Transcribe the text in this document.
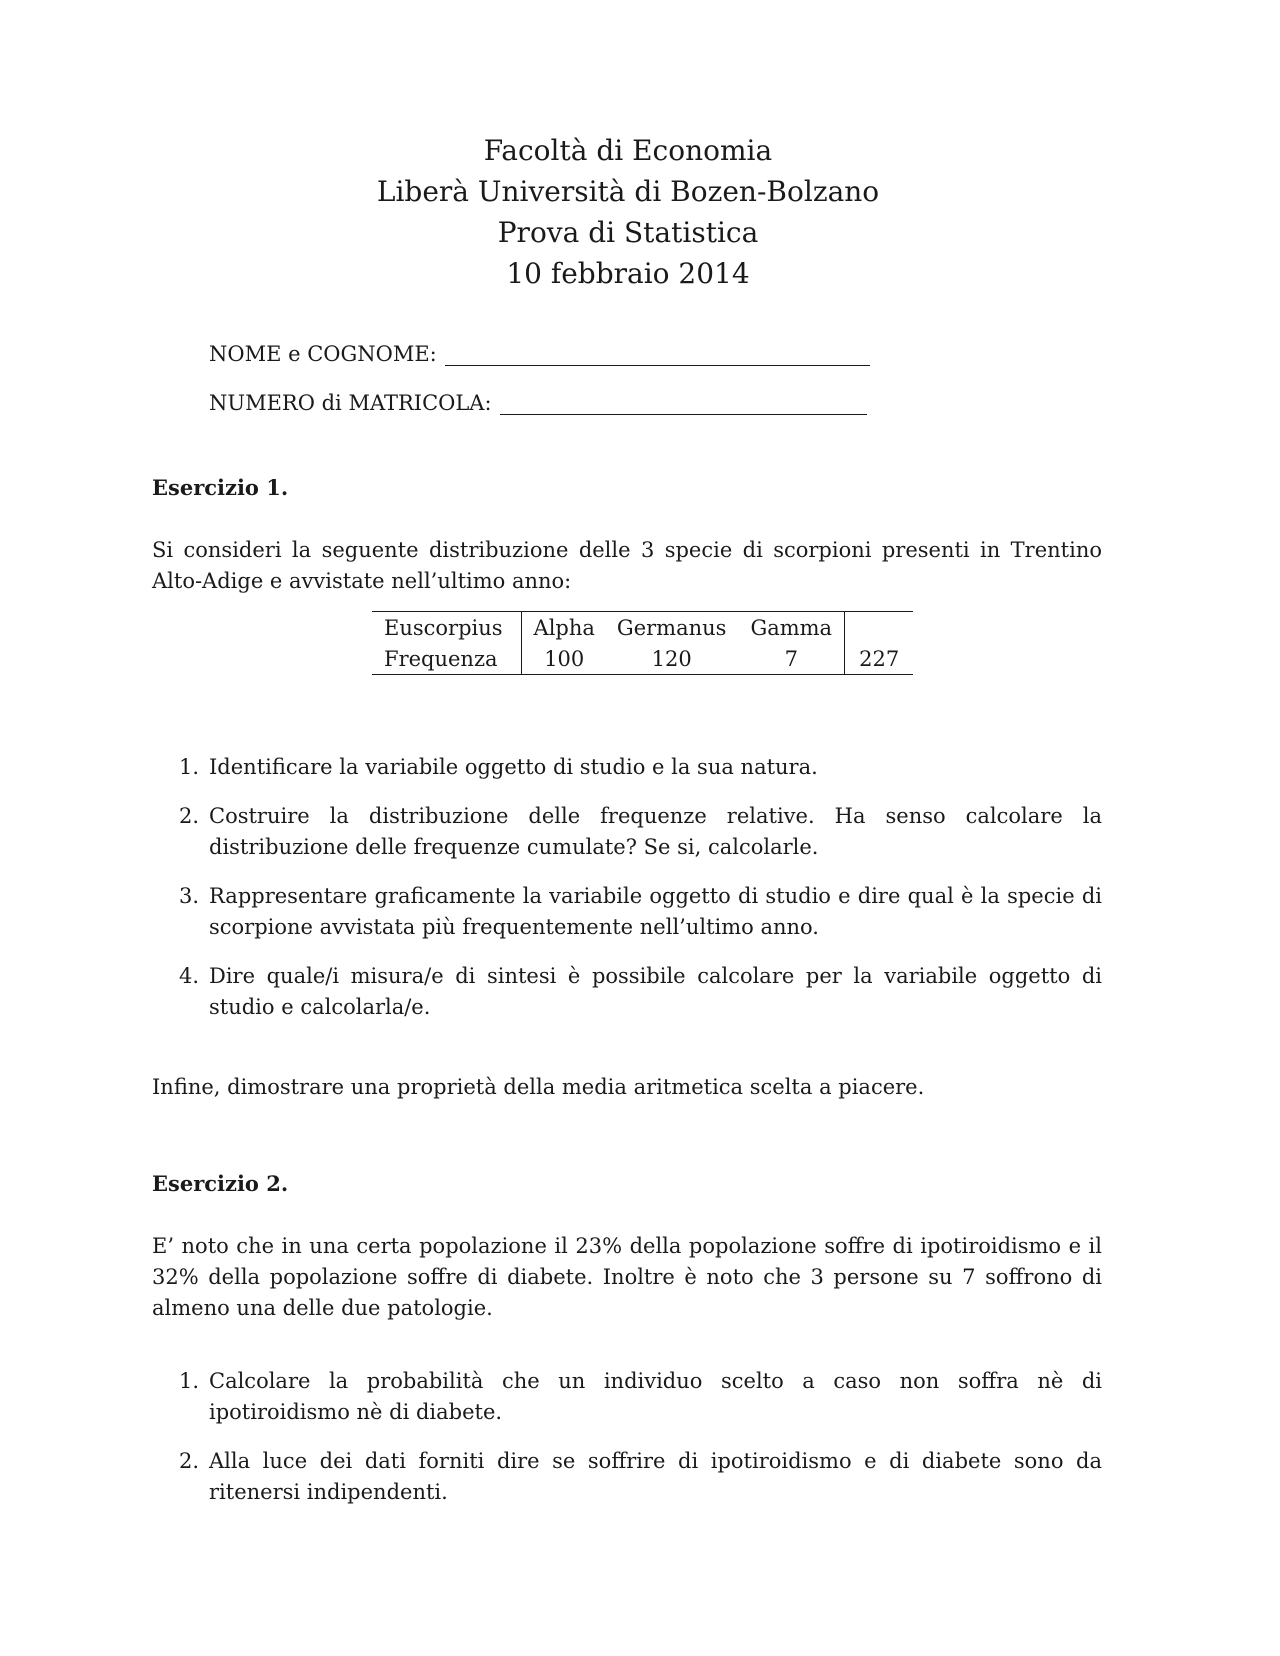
Facoltà di Economia
Liberà Università di Bozen-Bolzano
Prova di Statistica
10 febbraio 2014
NOME e COGNOME:
NUMERO di MATRICOLA:
Esercizio 1.
Si consideri la seguente distribuzione delle 3 specie di scorpioni presenti in Trentino Alto-Adige e avvistate nell’ultimo anno:
Euscorpius	Alpha	Germanus	Gamma	
Frequenza	100	120	7	227
1. Identificare la variabile oggetto di studio e la sua natura.
2. Costruire la distribuzione delle frequenze relative. Ha senso calcolare la distribuzione delle frequenze cumulate? Se si, calcolarle.
3. Rappresentare graficamente la variabile oggetto di studio e dire qual è la specie di scorpione avvistata più frequentemente nell’ultimo anno.
4. Dire quale/i misura/e di sintesi è possibile calcolare per la variabile oggetto di studio e calcolarla/e.
Infine, dimostrare una proprietà della media aritmetica scelta a piacere.
Esercizio 2.
E’ noto che in una certa popolazione il 23% della popolazione soffre di ipotiroidismo e il 32% della popolazione soffre di diabete. Inoltre è noto che 3 persone su 7 soffrono di almeno una delle due patologie.
1. Calcolare la probabilità che un individuo scelto a caso non soffra nè di ipotiroidismo nè di diabete.
2. Alla luce dei dati forniti dire se soffrire di ipotiroidismo e di diabete sono da ritenersi indipendenti.
